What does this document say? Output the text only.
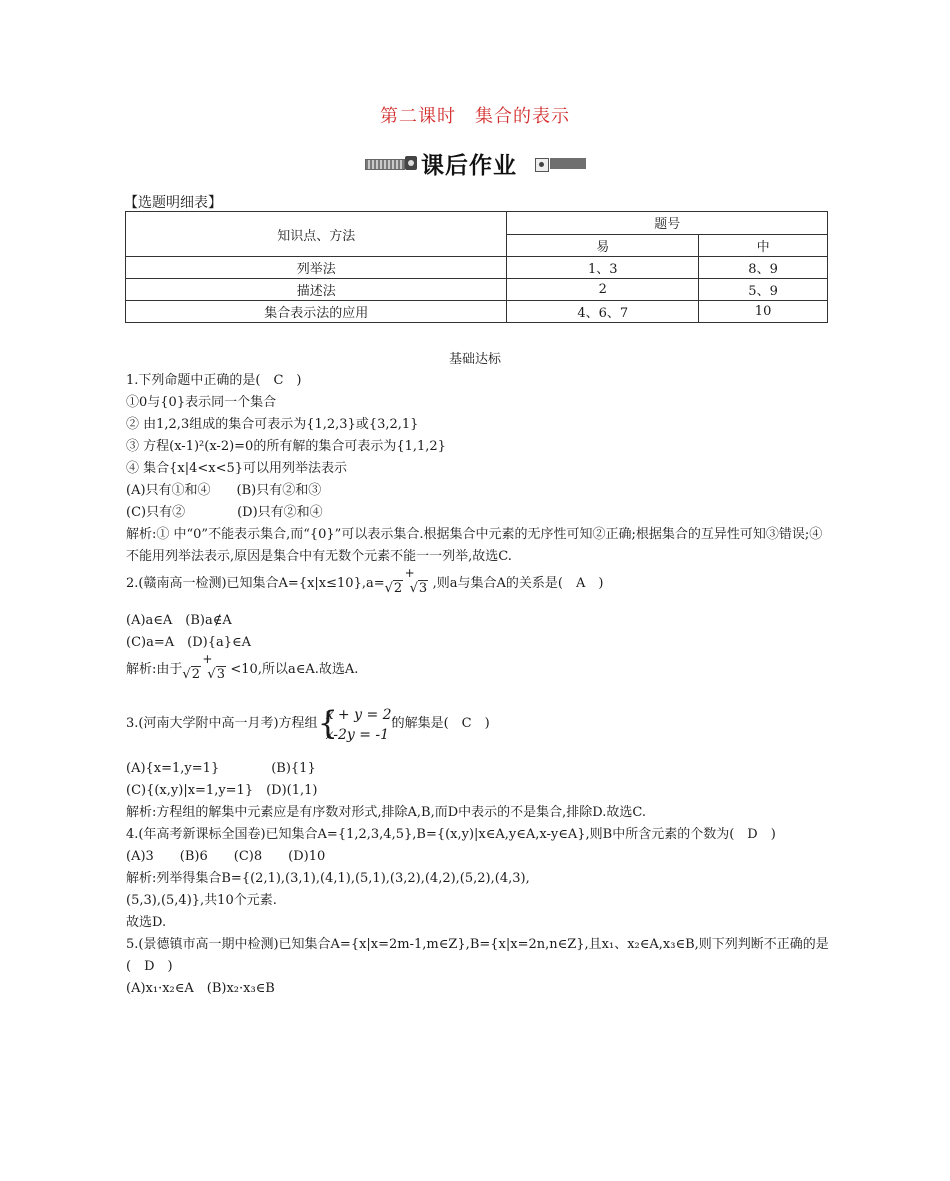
第二课时　集合的表示
课后作业
【选题明细表】
知识点、方法	题号	
	易	中
列举法	1、3	8、9
描述法	2	5、9
集合表示法的应用	4、6、7	10
基础达标
1.下列命题中正确的是(　C　)
①0与{0}表示同一个集合
② 由1,2,3组成的集合可表示为{1,2,3}或{3,2,1}
③ 方程(x-1)²(x-2)=0的所有解的集合可表示为{1,1,2}
④ 集合{x|4<x<5}可以用列举法表示
(A)只有①和④　　(B)只有②和③
(C)只有②　　　　(D)只有②和④
解析:① 中“0”不能表示集合,而“{0}”可以表示集合.根据集合中元素的无序性可知②正确;根据集合的互异性可知③错误;④ 不能用列举法表示,原因是集合中有无数个元素不能一一列举,故选C.
2.(赣南高一检测)已知集合A={x|x≤10},a= √2
+
√3 ,则a与集合A的关系是(　A　)
(A)a∈A　(B)a∉A
(C)a=A　(D){a}∈A
解析:由于 √2
+
√3 <10,所以a∈A.故选A.
3.(河南大学附中高一月考)方程组 {
x + y = 2,
x-2y = -1
的解集是(　C　)
(A){x=1,y=1}　　　　(B){1}
(C){(x,y)|x=1,y=1}　(D)(1,1)
解析:方程组的解集中元素应是有序数对形式,排除A,B,而D中表示的不是集合,排除D.故选C.
4.(年高考新课标全国卷)已知集合A={1,2,3,4,5},B={(x,y)|x∈A,y∈A,x-y∈A},则B中所含元素的个数为(　D　)
(A)3　　(B)6　　(C)8　　(D)10
解析:列举得集合B={(2,1),(3,1),(4,1),(5,1),(3,2),(4,2),(5,2),(4,3),
(5,3),(5,4)},共10个元素.
故选D.
5.(景德镇市高一期中检测)已知集合A={x|x=2m-1,m∈Z},B={x|x=2n,n∈Z},且x₁、x₂∈A,x₃∈B,则下列判断不正确的是(　D　)
(A)x₁·x₂∈A　(B)x₂·x₃∈B
